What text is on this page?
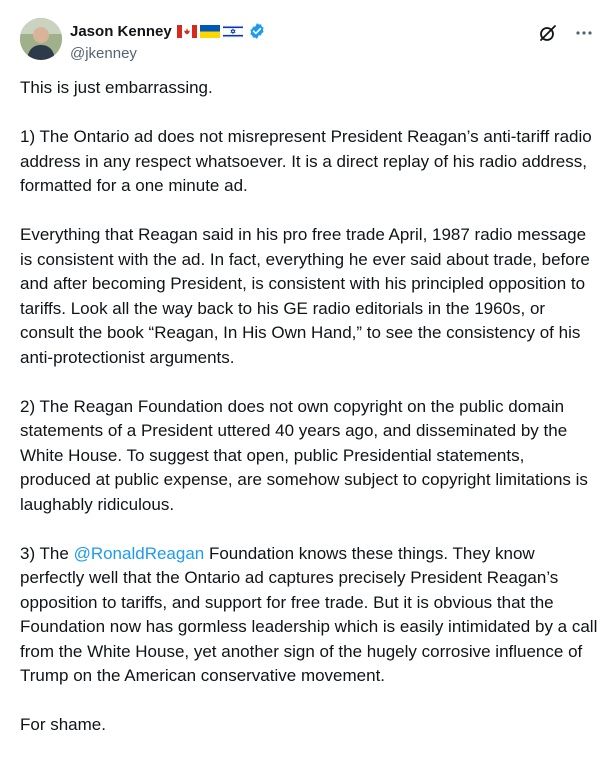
Jason Kenney
@jkenney

This is just embarrassing.

1) The Ontario ad does not misrepresent President Reagan’s anti-tariff radio address in any respect whatsoever. It is a direct replay of his radio address, formatted for a one minute ad.

Everything that Reagan said in his pro free trade April, 1987 radio message is consistent with the ad. In fact, everything he ever said about trade, before and after becoming President, is consistent with his principled opposition to tariffs. Look all the way back to his GE radio editorials in the 1960s, or consult the book “Reagan, In His Own Hand,” to see the consistency of his anti-protectionist arguments.

2) The Reagan Foundation does not own copyright on the public domain statements of a President uttered 40 years ago, and disseminated by the White House. To suggest that open, public Presidential statements, produced at public expense, are somehow subject to copyright limitations is laughably ridiculous.

3) The @RonaldReagan Foundation knows these things. They know perfectly well that the Ontario ad captures precisely President Reagan’s opposition to tariffs, and support for free trade. But it is obvious that the Foundation now has gormless leadership which is easily intimidated by a call from the White House, yet another sign of the hugely corrosive influence of Trump on the American conservative movement.

For shame.
